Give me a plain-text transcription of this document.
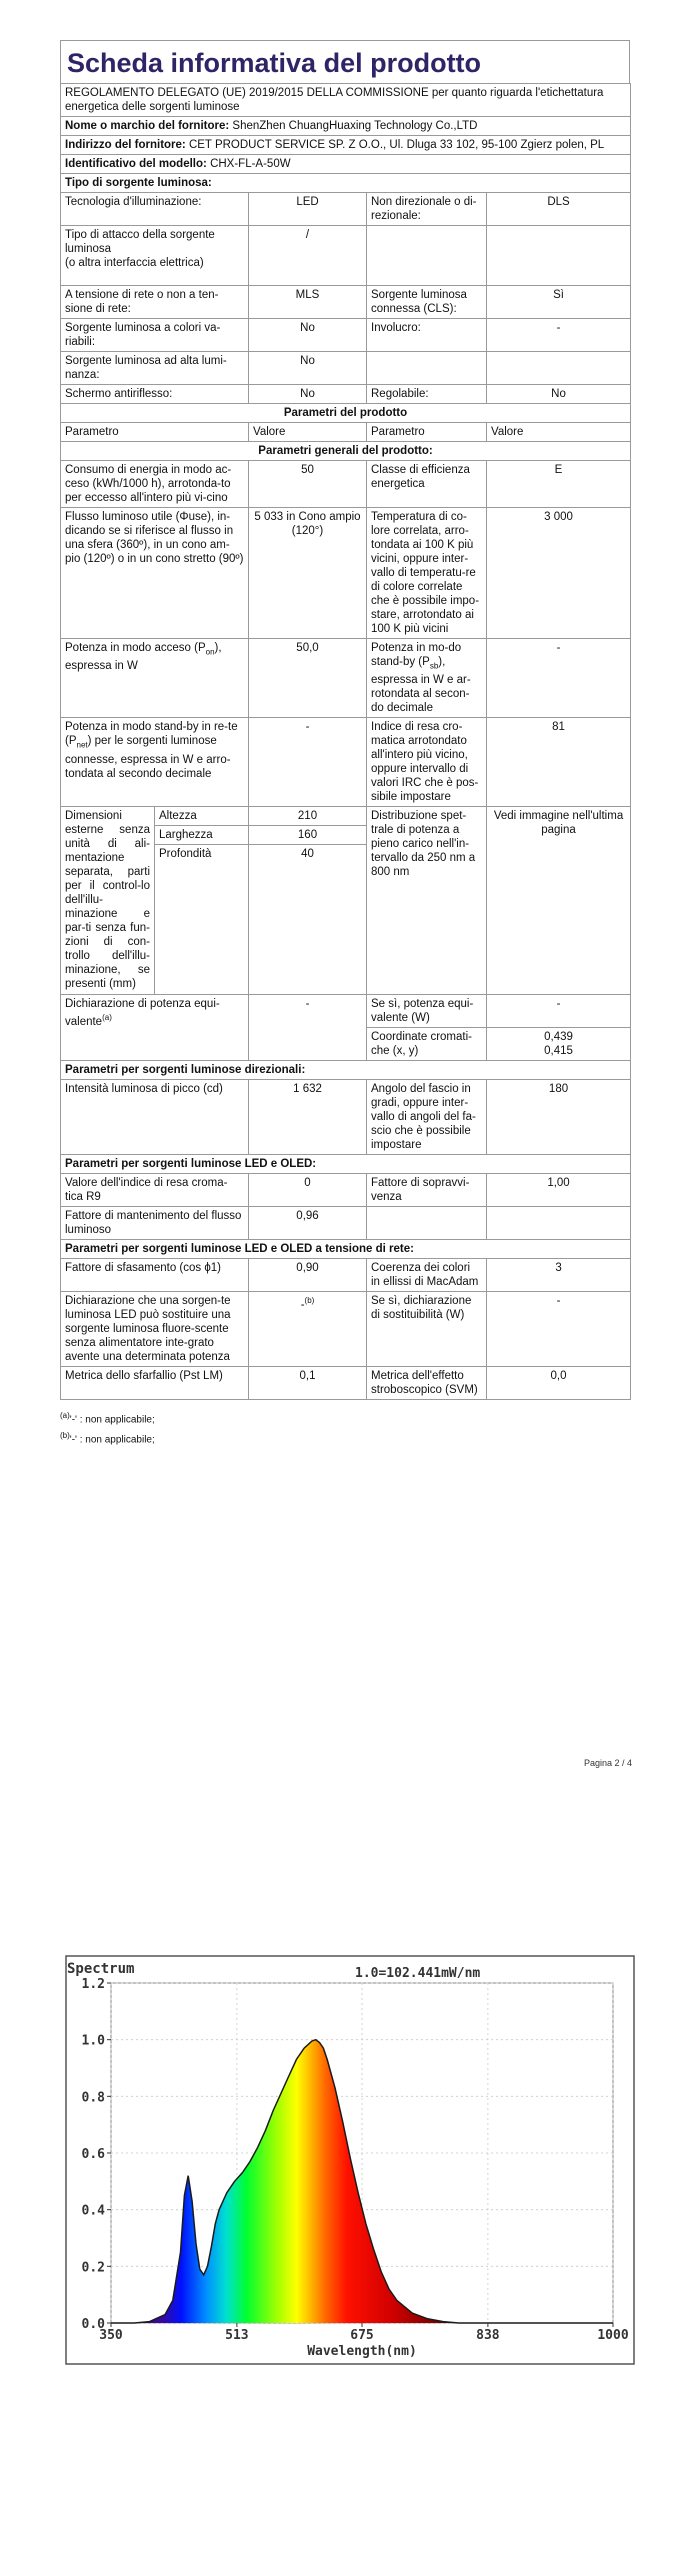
Scheda informativa del prodotto
REGOLAMENTO DELEGATO (UE) 2019/2015 DELLA COMMISSIONE per quanto riguarda l'etichettatura energetica delle sorgenti luminose				
Nome o marchio del fornitore: ShenZhen ChuangHuaxing Technology Co.,LTD				
Indirizzo del fornitore: CET PRODUCT SERVICE SP. Z O.O., Ul. Dluga 33 102, 95-100 Zgierz polen, PL				
Identificativo del modello: CHX-FL-A-50W				
Tipo di sorgente luminosa:				
Tecnologia d'illuminazione:		LED	Non direzionale o di-rezionale:	DLS

Tipo di attacco della sorgente luminosa
(o altra interfaccia elettrica)		/		
A tensione di rete o non a ten-sione di rete:		MLS	Sorgente luminosa connessa (CLS):	Sì
Sorgente luminosa a colori va-riabili:		No	Involucro:	-
Sorgente luminosa ad alta lumi-nanza:		No		
Schermo antiriflesso:		No	Regolabile:	No
Parametri del prodotto				
Parametro		Valore	Parametro	Valore
Parametri generali del prodotto:				
Consumo di energia in modo ac-ceso (kWh/1000 h), arrotonda-to per eccesso all'intero più vi-cino		50	Classe di efficienza energetica	E
Flusso luminoso utile (Φuse), in-dicando se si riferisce al flusso in una sfera (360º), in un cono am-pio (120º) o in un cono stretto (90º)		5 033 in Cono ampio (120°)	Temperatura di co-lore correlata, arro-tondata ai 100 K più vicini, oppure inter-vallo di temperatu-re di colore correlate che è possibile impo-stare, arrotondato ai 100 K più vicini	3 000
Potenza in modo acceso $(P_{on})$, espressa in W		50,0	Potenza in mo-do stand-by $(P_{sb})$, espressa in W e ar-rotondata al secon-do decimale	-
Potenza in modo stand-by in re-te $(P_{net})$ per le sorgenti luminose connesse, espressa in W e arro-tondata al secondo decimale		-	Indice di resa cro-matica arrotondato all'intero più vicino, oppure intervallo di valori IRC che è pos-sibile impostare	81
Dimensioni esterne senza unità di ali-mentazione separata, parti per il control-lo dell'illu-minazione e par-ti senza fun-zioni di con-trollo dell'illu-minazione, se presenti (mm)	Altezza	210	Distribuzione spet-trale di potenza a pieno carico nell'in-tervallo da 250 nm a 800 nm	Vedi immagine nell'ultima pagina
	Larghezza	160		
	Profondità	40		
Dichiarazione di potenza equi-valente$^{(a)}$		-	Se sì, potenza equi-valente (W)	-
			Coordinate cromati-che (x, y)	0,439
0,415

Parametri per sorgenti luminose direzionali:				
Intensità luminosa di picco (cd)		1 632	Angolo del fascio in gradi, oppure inter-vallo di angoli del fa-scio che è possibile impostare	180
Parametri per sorgenti luminose LED e OLED:				
Valore dell'indice di resa croma-tica R9		0	Fattore di sopravvi-venza	1,00
Fattore di mantenimento del flusso luminoso		0,96		
Parametri per sorgenti luminose LED e OLED a tensione di rete:				
Fattore di sfasamento (cos ϕ1)		0,90	Coerenza dei colori in ellissi di MacAdam	3
Dichiarazione che una sorgen-te luminosa LED può sostituire una sorgente luminosa fluore-scente senza alimentatore inte-grato avente una determinata potenza		-$^{(b)}$	Se sì, dichiarazione di sostituibilità (W)	-
Metrica dello sfarfallio (Pst LM)		0,1	Metrica dell'effetto stroboscopico (SVM)	0,0
$^{(a)}$'-' : non applicabile;
$^{(b)}$'-' : non applicabile;
Pagina 2 / 4
350	513	675	838	1000
0.0
0.2
0.4
0.6
0.8
1.0
1.2
Spectrum	1.0=102.441mW/nm
Wavelength(nm)
